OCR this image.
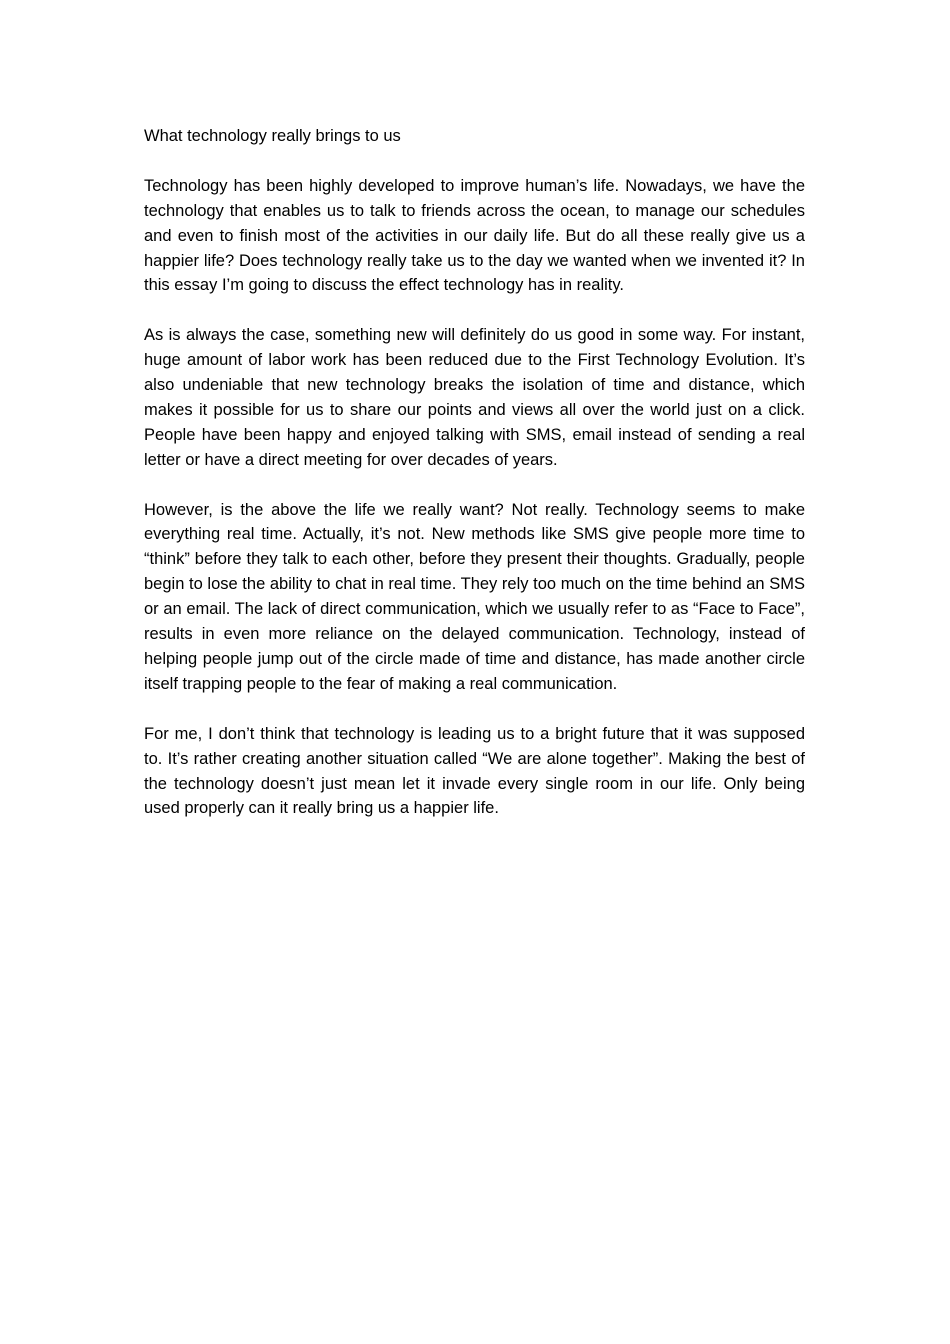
What technology really brings to us

Technology has been highly developed to improve human’s life. Nowadays, we have the technology that enables us to talk to friends across the ocean, to manage our schedules and even to finish most of the activities in our daily life. But do all these really give us a happier life? Does technology really take us to the day we wanted when we invented it? In this essay I’m going to discuss the effect technology has in reality.

As is always the case, something new will definitely do us good in some way. For instant, huge amount of labor work has been reduced due to the First Technology Evolution. It’s also undeniable that new technology breaks the isolation of time and distance, which makes it possible for us to share our points and views all over the world just on a click. People have been happy and enjoyed talking with SMS, email instead of sending a real letter or have a direct meeting for over decades of years.

However, is the above the life we really want? Not really. Technology seems to make everything real time. Actually, it’s not. New methods like SMS give people more time to “think” before they talk to each other, before they present their thoughts. Gradually, people begin to lose the ability to chat in real time. They rely too much on the time behind an SMS or an email. The lack of direct communication, which we usually refer to as “Face to Face”, results in even more reliance on the delayed communication. Technology, instead of helping people jump out of the circle made of time and distance, has made another circle itself trapping people to the fear of making a real communication.

For me, I don’t think that technology is leading us to a bright future that it was supposed to. It’s rather creating another situation called “We are alone together”. Making the best of the technology doesn’t just mean let it invade every single room in our life. Only being used properly can it really bring us a happier life.
